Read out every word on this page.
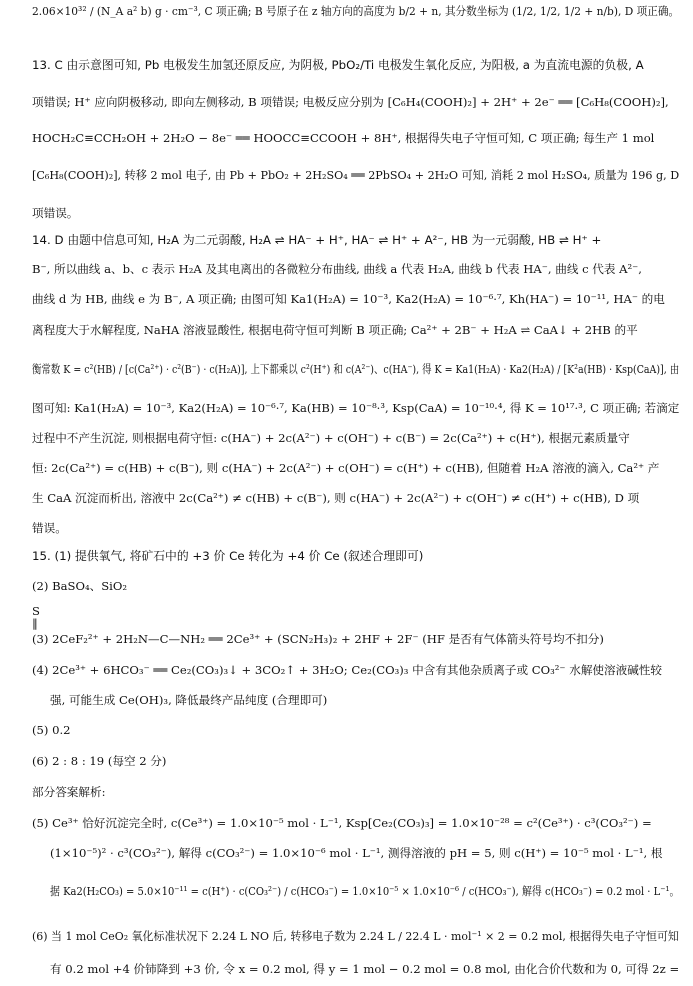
2.06×10³² / (N_A a² b) g · cm⁻³, C 项正确; B 号原子在 z 轴方向的高度为 b/2 + n, 其分数坐标为 (1/2, 1/2, 1/2 + n/b), D 项正确。
13. C 由示意图可知, Pb 电极发生加氢还原反应, 为阴极, PbO₂/Ti 电极发生氧化反应, 为阳极, a 为直流电源的负极, A
项错误; H⁺ 应向阴极移动, 即向左侧移动, B 项错误; 电极反应分别为 [C₆H₄(COOH)₂] + 2H⁺ + 2e⁻ ══ [C₆H₈(COOH)₂],
HOCH₂C≡CCH₂OH + 2H₂O − 8e⁻ ══ HOOCC≡CCOOH + 8H⁺, 根据得失电子守恒可知, C 项正确; 每生产 1 mol
[C₆H₈(COOH)₂], 转移 2 mol 电子, 由 Pb + PbO₂ + 2H₂SO₄ ══ 2PbSO₄ + 2H₂O 可知, 消耗 2 mol H₂SO₄, 质量为 196 g, D
项错误。
14. D 由题中信息可知, H₂A 为二元弱酸, H₂A ⇌ HA⁻ + H⁺, HA⁻ ⇌ H⁺ + A²⁻, HB 为一元弱酸, HB ⇌ H⁺ +
B⁻, 所以曲线 a、b、c 表示 H₂A 及其电离出的各微粒分布曲线, 曲线 a 代表 H₂A, 曲线 b 代表 HA⁻, 曲线 c 代表 A²⁻,
曲线 d 为 HB, 曲线 e 为 B⁻, A 项正确; 由图可知 Ka1(H₂A) = 10⁻³, Ka2(H₂A) = 10⁻⁶·⁷, Kh(HA⁻) = 10⁻¹¹, HA⁻ 的电
离程度大于水解程度, NaHA 溶液显酸性, 根据电荷守恒可判断 B 项正确; Ca²⁺ + 2B⁻ + H₂A ⇌ CaA↓ + 2HB 的平
衡常数 K = c²(HB) / [c(Ca²⁺) · c²(B⁻) · c(H₂A)], 上下都乘以 c²(H⁺) 和 c(A²⁻)、c(HA⁻), 得 K = Ka1(H₂A) · Ka2(H₂A) / [K²a(HB) · Ksp(CaA)], 由
图可知: Ka1(H₂A) = 10⁻³, Ka2(H₂A) = 10⁻⁶·⁷, Ka(HB) = 10⁻⁸·³, Ksp(CaA) = 10⁻¹⁰·⁴, 得 K = 10¹⁷·³, C 项正确; 若滴定
过程中不产生沉淀, 则根据电荷守恒: c(HA⁻) + 2c(A²⁻) + c(OH⁻) + c(B⁻) = 2c(Ca²⁺) + c(H⁺), 根据元素质量守
恒: 2c(Ca²⁺) = c(HB) + c(B⁻), 则 c(HA⁻) + 2c(A²⁻) + c(OH⁻) = c(H⁺) + c(HB), 但随着 H₂A 溶液的滴入, Ca²⁺ 产
生 CaA 沉淀而析出, 溶液中 2c(Ca²⁺) ≠ c(HB) + c(B⁻), 则 c(HA⁻) + 2c(A²⁻) + c(OH⁻) ≠ c(H⁺) + c(HB), D 项
错误。
15. (1) 提供氧气, 将矿石中的 +3 价 Ce 转化为 +4 价 Ce (叙述合理即可)
(2) BaSO₄、SiO₂
S
‖
(3) 2CeF₂²⁺ + 2H₂N—C—NH₂ ══ 2Ce³⁺ + (SCN₂H₃)₂ + 2HF + 2F⁻ (HF 是否有气体箭头符号均不扣分)
(4) 2Ce³⁺ + 6HCO₃⁻ ══ Ce₂(CO₃)₃↓ + 3CO₂↑ + 3H₂O; Ce₂(CO₃)₃ 中含有其他杂质离子或 CO₃²⁻ 水解使溶液碱性较
强, 可能生成 Ce(OH)₃, 降低最终产品纯度 (合理即可)
(5) 0.2
(6) 2 : 8 : 19 (每空 2 分)
部分答案解析:
(5) Ce³⁺ 恰好沉淀完全时, c(Ce³⁺) = 1.0×10⁻⁵ mol · L⁻¹, Ksp[Ce₂(CO₃)₃] = 1.0×10⁻²⁸ = c²(Ce³⁺) · c³(CO₃²⁻) =
(1×10⁻⁵)² · c³(CO₃²⁻), 解得 c(CO₃²⁻) = 1.0×10⁻⁶ mol · L⁻¹, 测得溶液的 pH = 5, 则 c(H⁺) = 10⁻⁵ mol · L⁻¹, 根
据 Ka2(H₂CO₃) = 5.0×10⁻¹¹ = c(H⁺) · c(CO₃²⁻) / c(HCO₃⁻) = 1.0×10⁻⁵ × 1.0×10⁻⁶ / c(HCO₃⁻), 解得 c(HCO₃⁻) = 0.2 mol · L⁻¹。
(6) 当 1 mol CeO₂ 氧化标准状况下 2.24 L NO 后, 转移电子数为 2.24 L / 22.4 L · mol⁻¹ × 2 = 0.2 mol, 根据得失电子守恒可知
有 0.2 mol +4 价铈降到 +3 价, 令 x = 0.2 mol, 得 y = 1 mol − 0.2 mol = 0.8 mol, 由化合价代数和为 0, 可得 2z =
